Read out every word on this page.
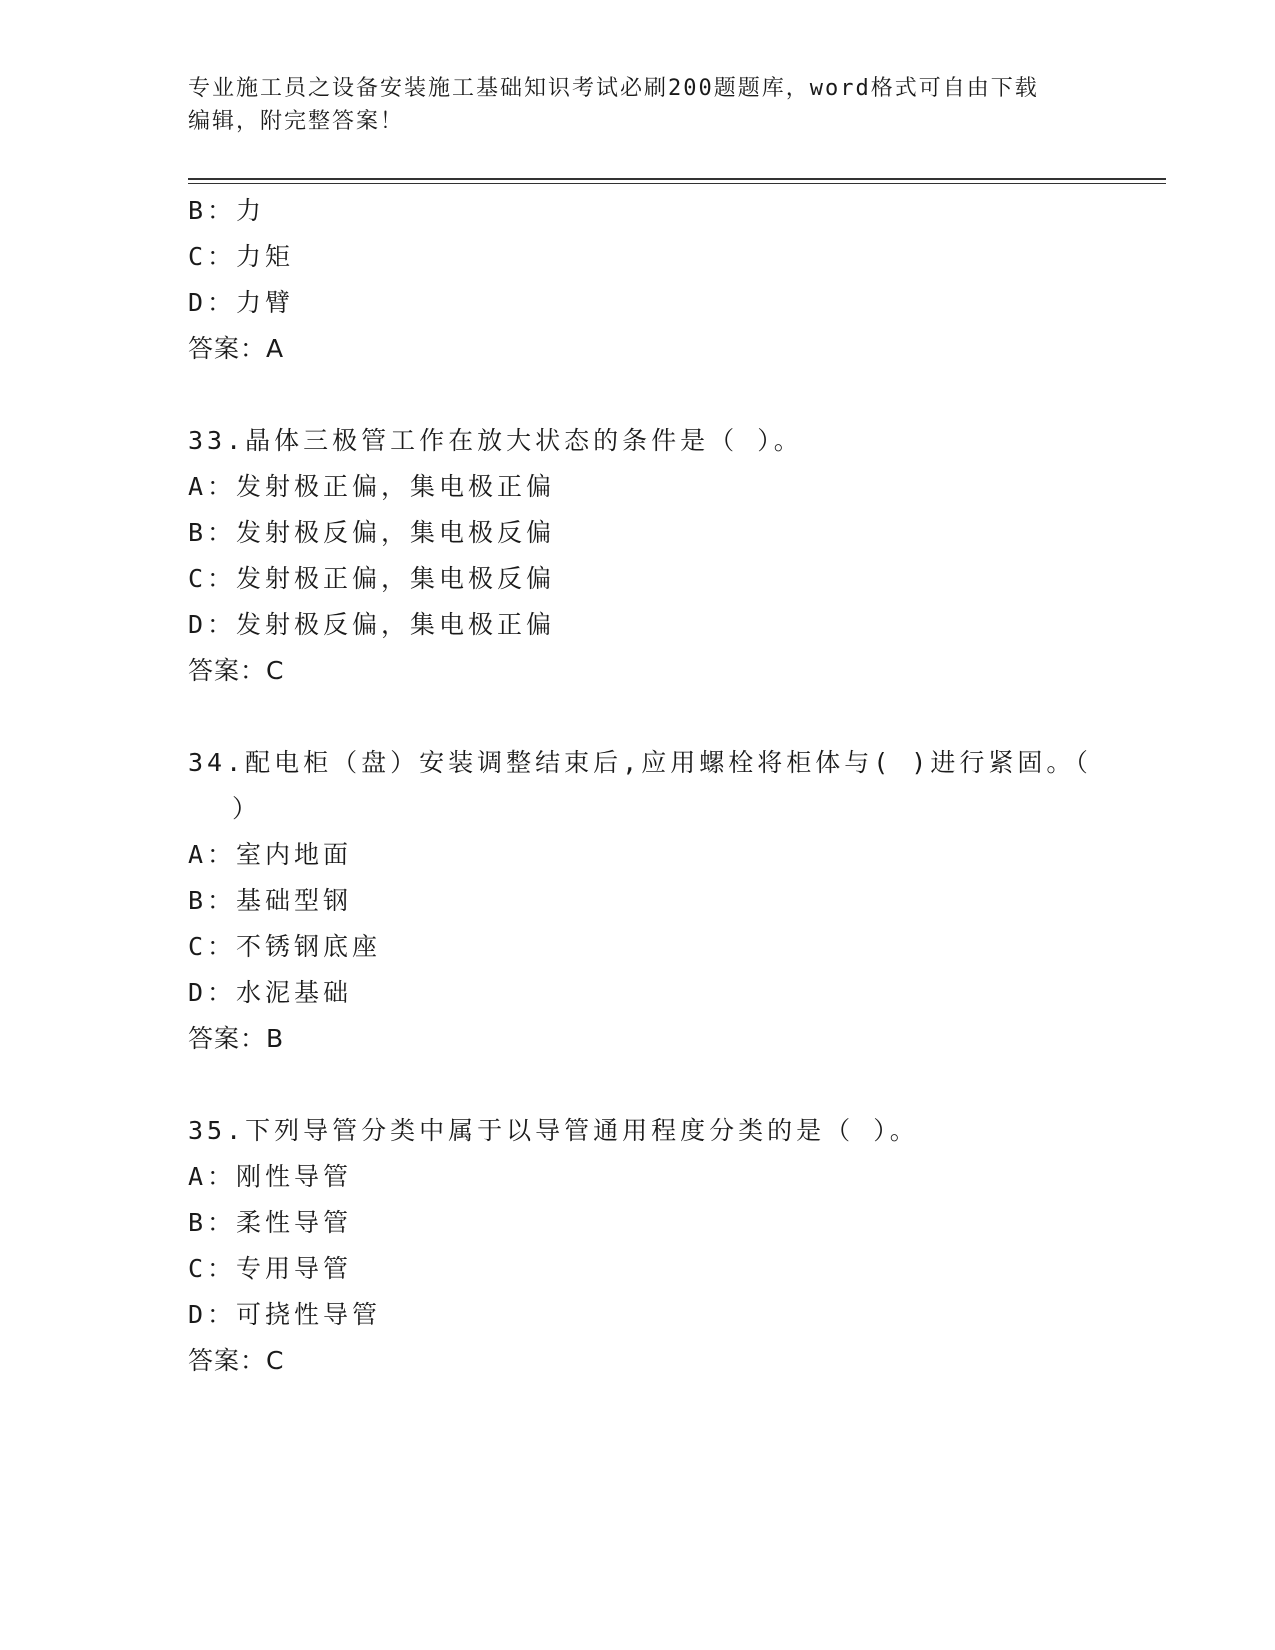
专业施工员之设备安装施工基础知识考试必刷200题题库，word格式可自由下载
编辑，附完整答案！
B：力
C：力矩
D：力臂
答案：A
33.晶体三极管工作在放大状态的条件是（ ）。
A：发射极正偏，集电极正偏
B：发射极反偏，集电极反偏
C：发射极正偏，集电极反偏
D：发射极反偏，集电极正偏
答案：C
34.配电柜（盘）安装调整结束后,应用螺栓将柜体与( )进行紧固。（
）
A：室内地面
B：基础型钢
C：不锈钢底座
D：水泥基础
答案：B
35.下列导管分类中属于以导管通用程度分类的是（ ）。
A：刚性导管
B：柔性导管
C：专用导管
D：可挠性导管
答案：C
